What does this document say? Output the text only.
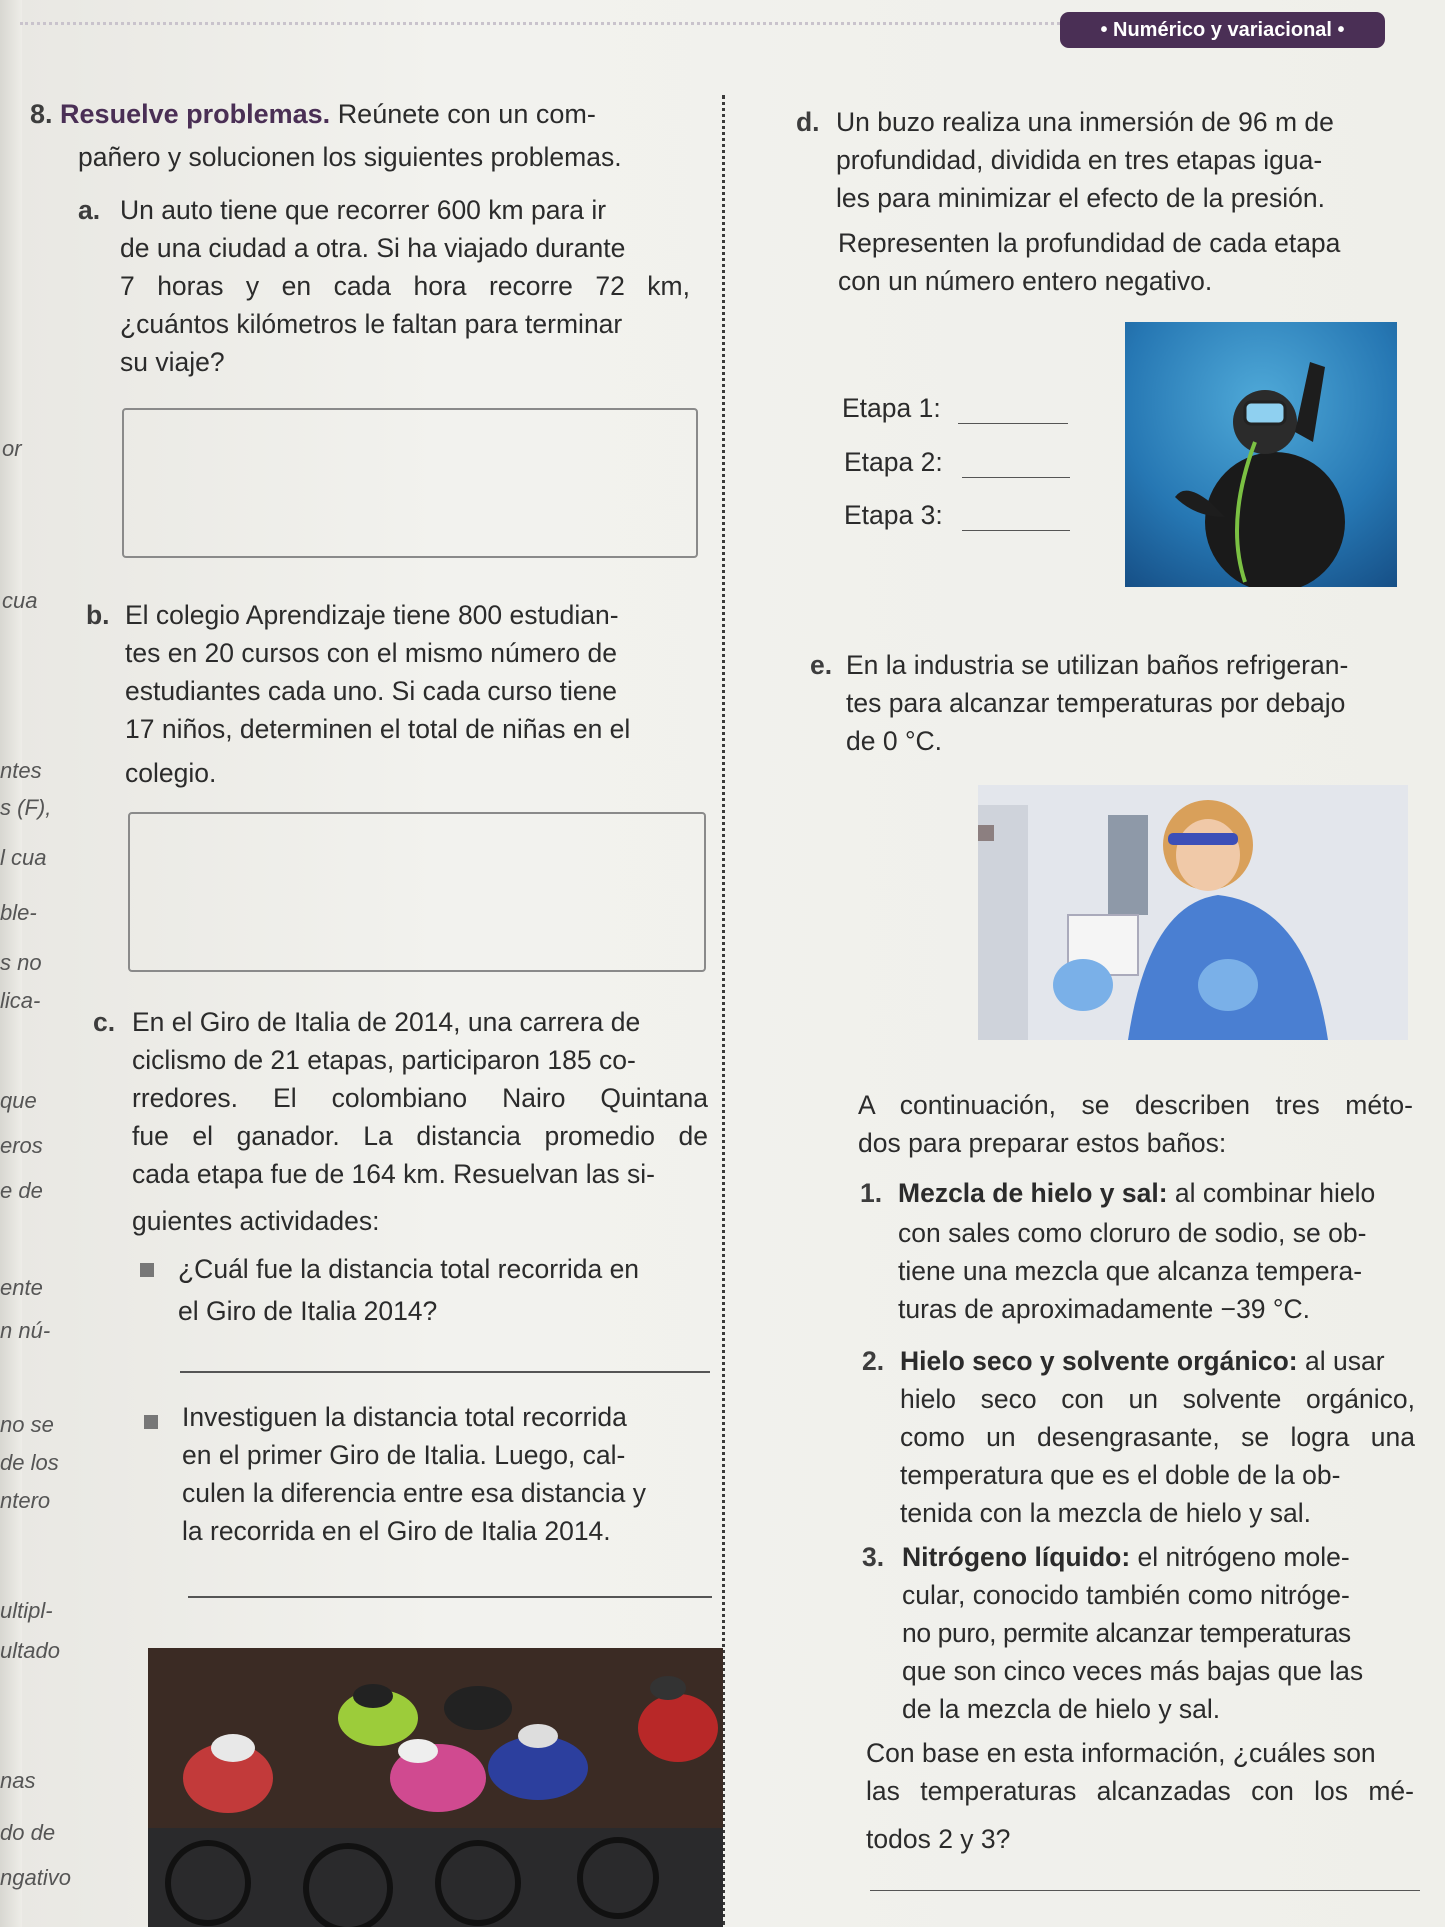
or
cua
ntes
s (F),
l cua
ble-
s no
lica-
que
eros
e de
ente
n nú-
no se
de los
ntero
ultipl-
ultado
nas
do de
ngativo
• Numérico y variacional •
8. Resuelve problemas. Reúnete con un com-
pañero y solucionen los siguientes problemas.
a. Un auto tiene que recorrer 600 km para ir
de una ciudad a otra. Si ha viajado durante
7 horas y en cada hora recorre 72 km,
¿cuántos kilómetros le faltan para terminar
su viaje?
b. El colegio Aprendizaje tiene 800 estudian-
tes en 20 cursos con el mismo número de
estudiantes cada uno. Si cada curso tiene
17 niños, determinen el total de niñas en el
colegio.
c. En el Giro de Italia de 2014, una carrera de
ciclismo de 21 etapas, participaron 185 co-
rredores. El colombiano Nairo Quintana
fue el ganador. La distancia promedio de
cada etapa fue de 164 km. Resuelvan las si-
guientes actividades:
¿Cuál fue la distancia total recorrida en
el Giro de Italia 2014?
Investiguen la distancia total recorrida
en el primer Giro de Italia. Luego, cal-
culen la diferencia entre esa distancia y
la recorrida en el Giro de Italia 2014.
d. Un buzo realiza una inmersión de 96 m de
profundidad, dividida en tres etapas igua-
les para minimizar el efecto de la presión.
Representen la profundidad de cada etapa
con un número entero negativo.
Etapa 1:
Etapa 2:
Etapa 3:
e. En la industria se utilizan baños refrigeran-
tes para alcanzar temperaturas por debajo
de 0 °C.
A continuación, se describen tres méto-
dos para preparar estos baños:
1. Mezcla de hielo y sal: al combinar hielo
con sales como cloruro de sodio, se ob-
tiene una mezcla que alcanza tempera-
turas de aproximadamente −39 °C.
2. Hielo seco y solvente orgánico: al usar
hielo seco con un solvente orgánico,
como un desengrasante, se logra una
temperatura que es el doble de la ob-
tenida con la mezcla de hielo y sal.
3. Nitrógeno líquido: el nitrógeno mole-
cular, conocido también como nitróge-
no puro, permite alcanzar temperaturas
que son cinco veces más bajas que las
de la mezcla de hielo y sal.
Con base en esta información, ¿cuáles son
las temperaturas alcanzadas con los mé-
todos 2 y 3?
